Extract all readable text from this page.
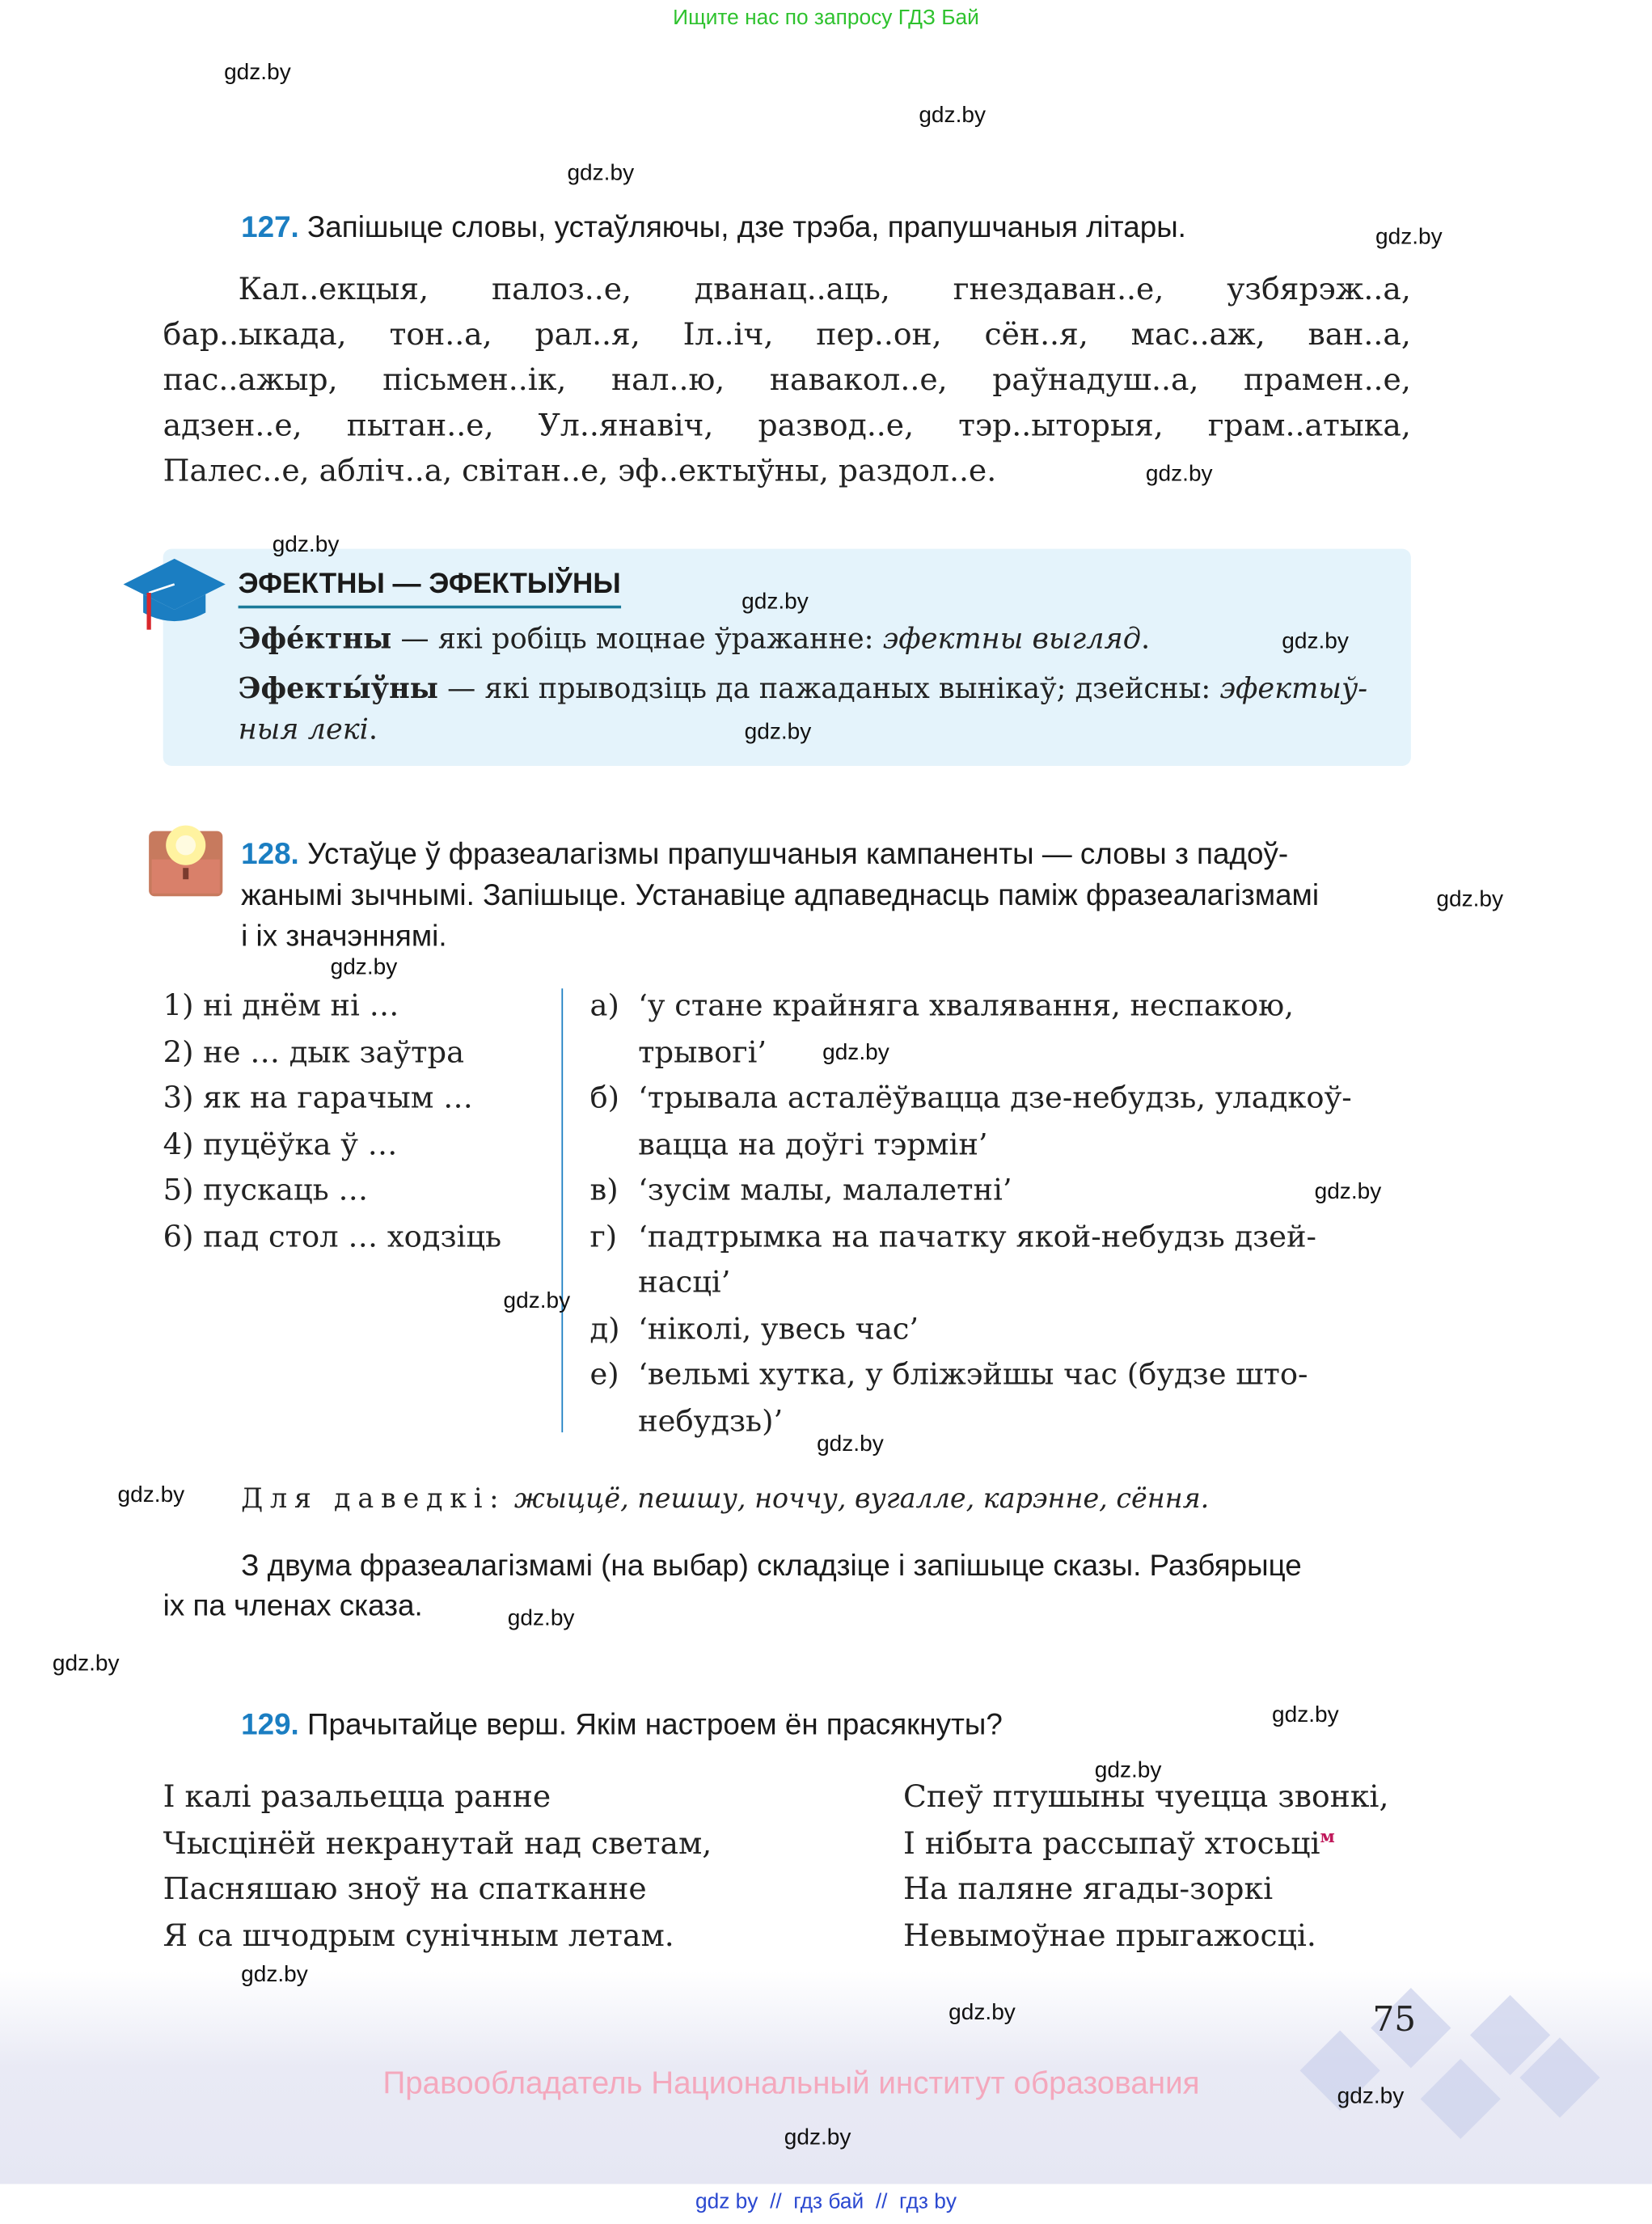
Ищите нас по запросу ГДЗ Бай
gdz.by
gdz.by
gdz.by
gdz.by
gdz.by
gdz.by
127. Запішыце словы, устаўляючы, дзе трэба, прапушчаныя літары.
Кал..екцыя, палоз..е, дванац..аць, гнездаван..е, узбярэж..а,
бар..ыкада, тон..а, рал..я, Іл..іч, пер..он, сён..я, мас..аж, ван..а,
пас..ажыр, пісьмен..ік, нал..ю, навакол..е, раўнадуш..а, прамен..е,
адзен..е, пытан..е, Ул..янавіч, развод..е, тэр..ыторыя, грам..атыка,
Палес..е, абліч..а, світан..е, эф..ектыўны, раздол..е.
ЭФЕКТНЫ — ЭФЕКТЫЎНЫ
gdz.by
Эфе́ктны — які робіць моцнае ўражанне: эфектны выгляд.	gdz.by
Эфекты́ўны — які прыводзіць да пажаданых вынікаў; дзейсны: эфектыў-
ныя лекі.	gdz.by
128. Устаўце ў фразеалагізмы прапушчаныя кампаненты — словы з падоў-
жанымі зычнымі. Запішыце. Устанавіце адпаведнасць паміж фразеалагізмамі
і іх значэннямі.
gdz.by
gdz.by
1) ні днём ні …
2) не … дык заўтра
3) як на гарачым …
4) пуцёўка ў …
5) пускаць …
6) пад стол … ходзіць
а) ‘у стане крайняга хвалявання, неспакою,
трывогі’
б) ‘трывала асталёўвацца дзе-небудзь, уладкоў-
вацца на доўгі тэрмін’
в) ‘зусім малы, малалетні’
г) ‘падтрымка на пачатку якой-небудзь дзей-
насці’
д) ‘ніколі, увесь час’
е) ‘вельмі хутка, у бліжэйшы час (будзе што-
небудзь)’
gdz.by
gdz.by
gdz.by
gdz.by
gdz.by	Для даведкі: жыццё, пешшу, ноччу, вугалле, карэнне, сёння.
З двума фразеалагізмамі (на выбар) складзіце і запішыце сказы. Разбярыце
іх па членах сказа.	gdz.by
gdz.by
129. Прачытайце верш. Якім настроем ён прасякнуты?	gdz.by
gdz.by
І калі разальецца ранне
Чысцінёй некранутай над светам,
Пасняшаю зноў на спатканне
Я са шчодрым сунічным летам.
Спеў птушыны чуецца звонкі,
І нібыта рассыпаў хтосьці$^м$
На паляне ягады-зоркі
Невымоўнае прыгажосці.
gdz.by
gdz.by	75
Правообладатель Национальный институт образования	gdz.by
gdz.by
gdz by  //  гдз бай  //  гдз by
